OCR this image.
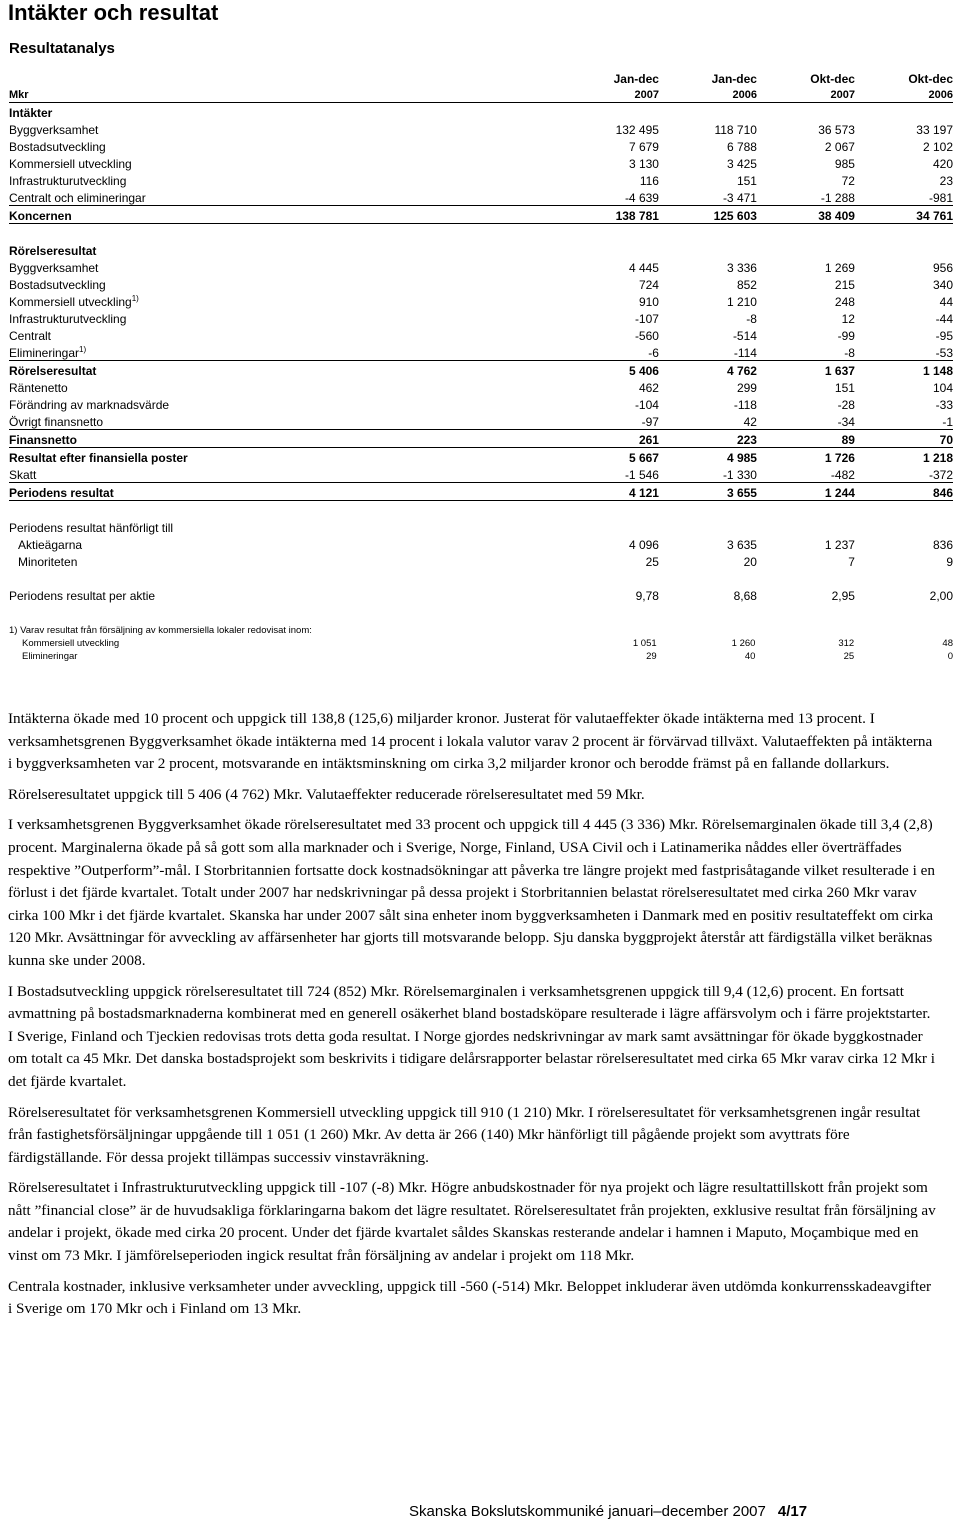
Intäkter och resultat
Resultatanalys
	Jan-dec	Jan-dec	Okt-dec	Okt-dec
Mkr	2007	2006	2007	2006
Intäkter				
Byggverksamhet	132 495	118 710	36 573	33 197
Bostadsutveckling	7 679	6 788	2 067	2 102
Kommersiell utveckling	3 130	3 425	985	420
Infrastrukturutveckling	116	151	72	23
Centralt och elimineringar	-4 639	-3 471	-1 288	-981
Koncernen	138 781	125 603	38 409	34 761

Rörelseresultat				
Byggverksamhet	4 445	3 336	1 269	956
Bostadsutveckling	724	852	215	340
Kommersiell utveckling$^{1)}$	910	1 210	248	44
Infrastrukturutveckling	-107	-8	12	-44
Centralt	-560	-514	-99	-95
Elimineringar$^{1)}$	-6	-114	-8	-53
Rörelseresultat	5 406	4 762	1 637	1 148
Räntenetto	462	299	151	104
Förändring av marknadsvärde	-104	-118	-28	-33
Övrigt finansnetto	-97	42	-34	-1
Finansnetto	261	223	89	70
Resultat efter finansiella poster	5 667	4 985	1 726	1 218
Skatt	-1 546	-1 330	-482	-372
Periodens resultat	4 121	3 655	1 244	846

Periodens resultat hänförligt till				
Aktieägarna	4 096	3 635	1 237	836
Minoriteten	25	20	7	9

Periodens resultat per aktie	9,78	8,68	2,95	2,00
1) Varav resultat från försäljning av kommersiella lokaler redovisat inom:
Kommersiell utveckling	1 051	1 260	312	48
Elimineringar	29	40	25	0

Intäkterna ökade med 10 procent och uppgick till 138,8 (125,6) miljarder kronor. Justerat för valutaeffekter ökade intäkterna med 13 procent. I verksamhetsgrenen Byggverksamhet ökade intäkterna med 14 procent i lokala valutor varav 2 procent är förvärvad tillväxt. Valutaeffekten på intäkterna i byggverksamheten var 2 procent, motsvarande en intäktsminskning om cirka 3,2 miljarder kronor och berodde främst på en fallande dollarkurs.

Rörelseresultatet uppgick till 5 406 (4 762) Mkr. Valutaeffekter reducerade rörelseresultatet med 59 Mkr.

I verksamhetsgrenen Byggverksamhet ökade rörelseresultatet med 33 procent och uppgick till 4 445 (3 336) Mkr. Rörelsemarginalen ökade till 3,4 (2,8) procent. Marginalerna ökade på så gott som alla marknader och i Sverige, Norge, Finland, USA Civil och i Latinamerika nåddes eller överträffades respektive ”Outperform”-mål. I Storbritannien fortsatte dock kostnadsökningar att påverka tre längre projekt med fastprisåtagande vilket resulterade i en förlust i det fjärde kvartalet. Totalt under 2007 har nedskrivningar på dessa projekt i Storbritannien belastat rörelseresultatet med cirka 260 Mkr varav cirka 100 Mkr i det fjärde kvartalet. Skanska har under 2007 sålt sina enheter inom byggverksamheten i Danmark med en positiv resultateffekt om cirka 120 Mkr. Avsättningar för avveckling av affärsenheter har gjorts till motsvarande belopp. Sju danska byggprojekt återstår att färdigställa vilket beräknas kunna ske under 2008.

I Bostadsutveckling uppgick rörelseresultatet till 724 (852) Mkr. Rörelsemarginalen i verksamhetsgrenen uppgick till 9,4 (12,6) procent. En fortsatt avmattning på bostadsmarknaderna kombinerat med en generell osäkerhet bland bostadsköpare resulterade i lägre affärsvolym och i färre projektstarter. I Sverige, Finland och Tjeckien redovisas trots detta goda resultat. I Norge gjordes nedskrivningar av mark samt avsättningar för ökade byggkostnader om totalt ca 45 Mkr. Det danska bostadsprojekt som beskrivits i tidigare delårsrapporter belastar rörelseresultatet med cirka 65 Mkr varav cirka 12 Mkr i det fjärde kvartalet.

Rörelseresultatet för verksamhetsgrenen Kommersiell utveckling uppgick till 910 (1 210) Mkr. I rörelseresultatet för verksamhetsgrenen ingår resultat från fastighetsförsäljningar uppgående till 1 051 (1 260) Mkr. Av detta är 266 (140) Mkr hänförligt till pågående projekt som avyttrats före färdigställande. För dessa projekt tillämpas successiv vinstavräkning.

Rörelseresultatet i Infrastrukturutveckling uppgick till -107 (-8) Mkr. Högre anbudskostnader för nya projekt och lägre resultattillskott från projekt som nått ”financial close” är de huvudsakliga förklaringarna bakom det lägre resultatet. Rörelseresultatet från projekten, exklusive resultat från försäljning av andelar i projekt, ökade med cirka 20 procent. Under det fjärde kvartalet såldes Skanskas resterande andelar i hamnen i Maputo, Moçambique med en vinst om 73 Mkr. I jämförelseperioden ingick resultat från försäljning av andelar i projekt om 118 Mkr.

Centrala kostnader, inklusive verksamheter under avveckling, uppgick till -560 (-514) Mkr. Beloppet inkluderar även utdömda konkurrensskadeavgifter i Sverige om 170 Mkr och i Finland om 13 Mkr.

Skanska Bokslutskommuniké januari–december 2007 4/17
